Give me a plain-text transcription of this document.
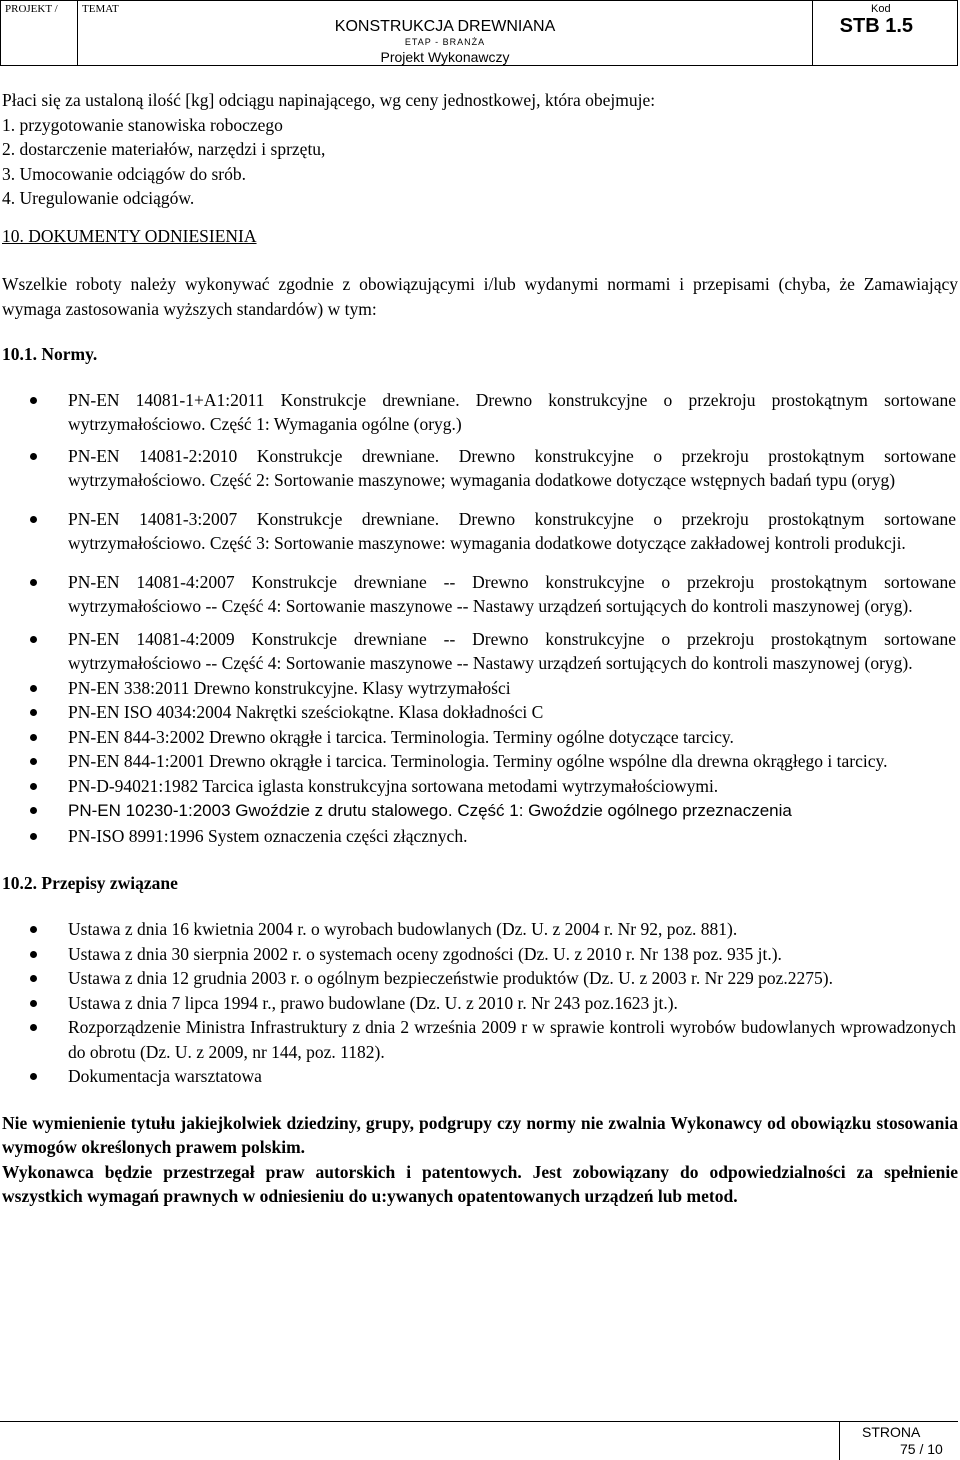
PROJEKT / TEMAT
KONSTRUKCJA DREWNIANA
ETAP - BRANŻA
Projekt Wykonawczy
Kod
STB 1.5

Płaci się za ustaloną ilość [kg] odciągu napinającego, wg ceny jednostkowej, która obejmuje:

1. przygotowanie stanowiska roboczego

2. dostarczenie materiałów, narzędzi i sprzętu,

3. Umocowanie odciągów do srób.

4. Uregulowanie odciągów.

10. DOKUMENTY ODNIESIENIA

Wszelkie roboty należy wykonywać zgodnie z obowiązującymi i/lub wydanymi normami i przepisami (chyba, że Zamawiający wymaga zastosowania wyższych standardów) w tym:

10.1. Normy.

PN-EN 14081-1+A1:2011 Konstrukcje drewniane. Drewno konstrukcyjne o przekroju prostokątnym sortowane wytrzymałościowo. Część 1: Wymagania ogólne (oryg.)
PN-EN 14081-2:2010 Konstrukcje drewniane. Drewno konstrukcyjne o przekroju prostokątnym sortowane wytrzymałościowo. Część 2: Sortowanie maszynowe; wymagania dodatkowe dotyczące wstępnych badań typu (oryg)
PN-EN 14081-3:2007 Konstrukcje drewniane. Drewno konstrukcyjne o przekroju prostokątnym sortowane wytrzymałościowo. Część 3: Sortowanie maszynowe: wymagania dodatkowe dotyczące zakładowej kontroli produkcji.
PN-EN 14081-4:2007 Konstrukcje drewniane -- Drewno konstrukcyjne o przekroju prostokątnym sortowane wytrzymałościowo -- Część 4: Sortowanie maszynowe -- Nastawy urządzeń sortujących do kontroli maszynowej (oryg).
PN-EN 14081-4:2009 Konstrukcje drewniane -- Drewno konstrukcyjne o przekroju prostokątnym sortowane wytrzymałościowo -- Część 4: Sortowanie maszynowe -- Nastawy urządzeń sortujących do kontroli maszynowej (oryg).
PN-EN 338:2011 Drewno konstrukcyjne. Klasy wytrzymałości
PN-EN ISO 4034:2004 Nakrętki sześciokątne. Klasa dokładności C
PN-EN 844-3:2002 Drewno okrągłe i tarcica. Terminologia. Terminy ogólne dotyczące tarcicy.
PN-EN 844-1:2001 Drewno okrągłe i tarcica. Terminologia. Terminy ogólne wspólne dla drewna okrągłego i tarcicy.
PN-D-94021:1982 Tarcica iglasta konstrukcyjna sortowana metodami wytrzymałościowymi.
PN-EN 10230-1:2003 Gwoździe z drutu stalowego. Część 1: Gwoździe ogólnego przeznaczenia
PN-ISO 8991:1996 System oznaczenia części złącznych.

10.2. Przepisy związane

Ustawa z dnia 16 kwietnia 2004 r. o wyrobach budowlanych (Dz. U. z 2004 r. Nr 92, poz. 881).
Ustawa z dnia 30 sierpnia 2002 r. o systemach oceny zgodności (Dz. U. z 2010 r. Nr 138 poz. 935 jt.).
Ustawa z dnia 12 grudnia 2003 r. o ogólnym bezpieczeństwie produktów (Dz. U. z 2003 r. Nr 229 poz.2275).
Ustawa z dnia 7 lipca 1994 r., prawo budowlane (Dz. U. z 2010 r. Nr 243 poz.1623 jt.).
Rozporządzenie Ministra Infrastruktury z dnia 2 września 2009 r w sprawie kontroli wyrobów budowlanych wprowadzonych do obrotu (Dz. U. z 2009, nr 144, poz. 1182).
Dokumentacja warsztatowa

Nie wymienienie tytułu jakiejkolwiek dziedziny, grupy, podgrupy czy normy nie zwalnia Wykonawcy od obowiązku stosowania wymogów określonych prawem polskim.

Wykonawca będzie przestrzegał praw autorskich i patentowych. Jest zobowiązany do odpowiedzialności za spełnienie wszystkich wymagań prawnych w odniesieniu do u:ywanych opatentowanych urządzeń lub metod.

STRONA
75 / 10
